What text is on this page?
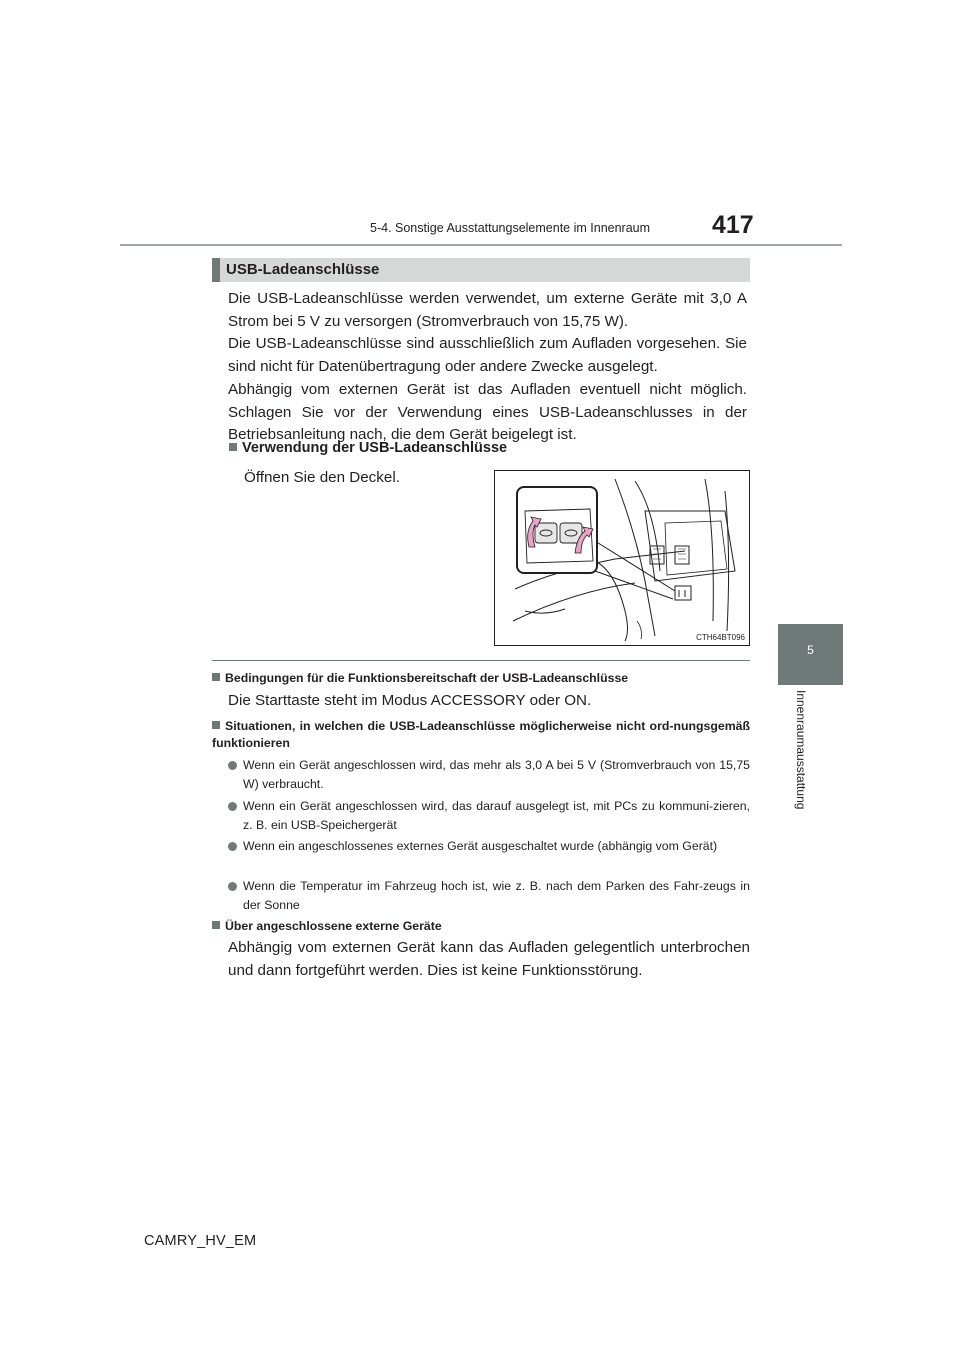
5-4. Sonstige Ausstattungselemente im Innenraum 417
5
Innenraumausstattung
USB-Ladeanschlüsse

Die USB-Ladeanschlüsse werden verwendet, um externe Geräte mit 3,0 A Strom bei 5 V zu versorgen (Stromverbrauch von 15,75 W).

Die USB-Ladeanschlüsse sind ausschließlich zum Aufladen vorgesehen. Sie sind nicht für Datenübertragung oder andere Zwecke ausgelegt.

Abhängig vom externen Gerät ist das Aufladen eventuell nicht möglich. Schlagen Sie vor der Verwendung eines USB-Ladeanschlusses in der Betriebsanleitung nach, die dem Gerät beigelegt ist.

Verwendung der USB-Ladeanschlüsse
Öffnen Sie den Deckel.
CTH64BT096
Bedingungen für die Funktionsbereitschaft der USB-Ladeanschlüsse
Die Starttaste steht im Modus ACCESSORY oder ON.
Situationen, in welchen die USB-Ladeanschlüsse möglicherweise nicht ord-nungsgemäß funktionieren
Wenn ein Gerät angeschlossen wird, das mehr als 3,0 A bei 5 V (Stromverbrauch von 15,75 W) verbraucht.
Wenn ein Gerät angeschlossen wird, das darauf ausgelegt ist, mit PCs zu kommuni-zieren, z. B. ein USB-Speichergerät
Wenn ein angeschlossenes externes Gerät ausgeschaltet wurde (abhängig vom Gerät)
Wenn die Temperatur im Fahrzeug hoch ist, wie z. B. nach dem Parken des Fahr-zeugs in der Sonne
Über angeschlossene externe Geräte
Abhängig vom externen Gerät kann das Aufladen gelegentlich unterbrochen und dann fortgeführt werden. Dies ist keine Funktionsstörung.
CAMRY_HV_EM
